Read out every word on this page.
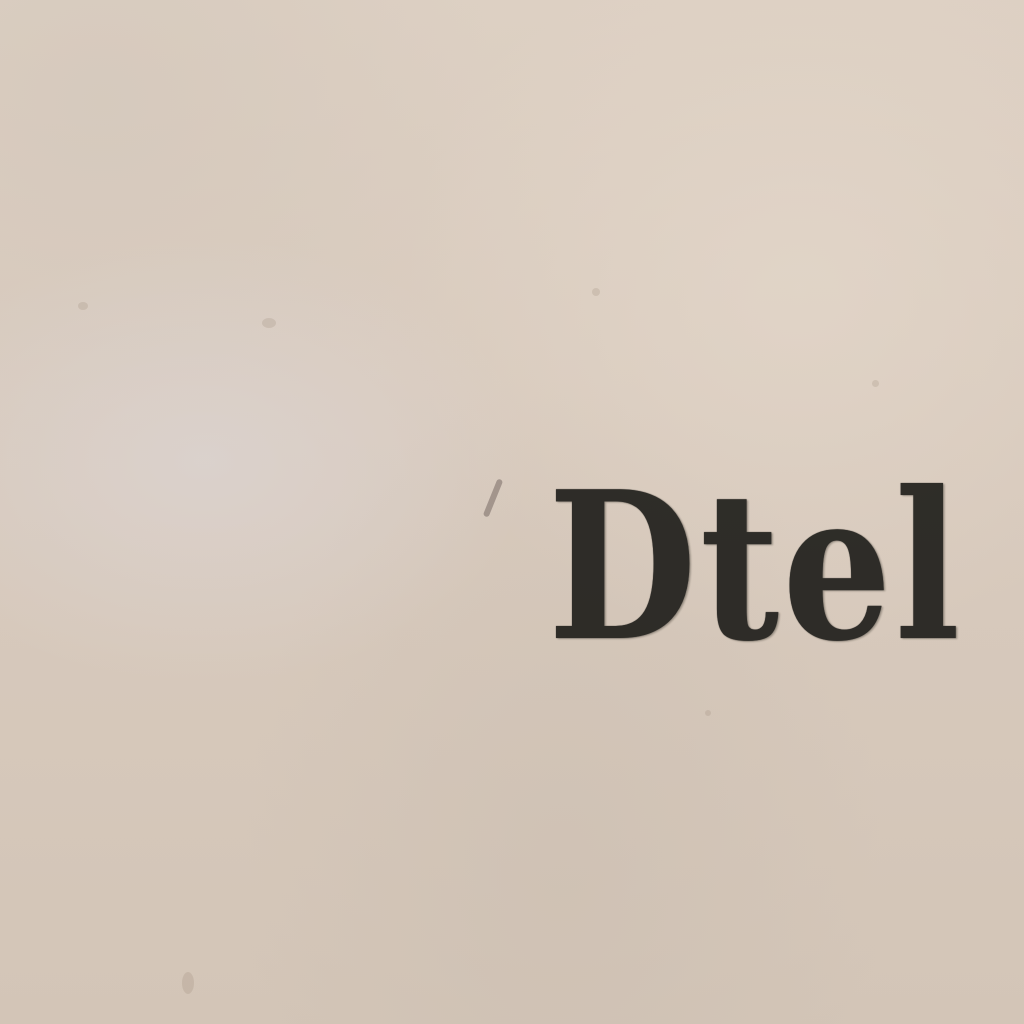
Dtel
